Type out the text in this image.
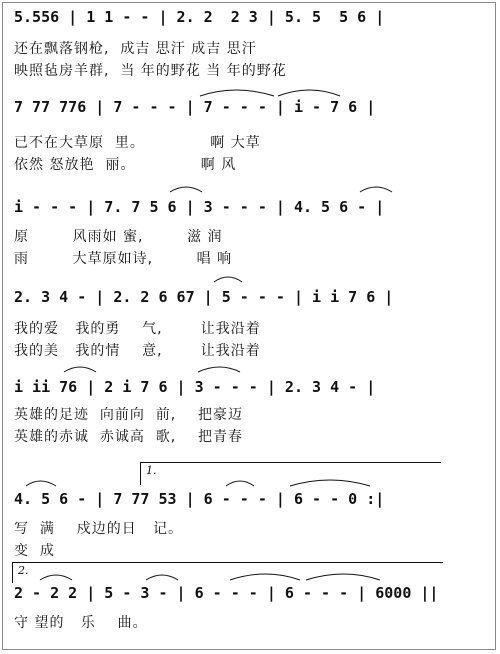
5.556 | 1 1 - - | 2. 2  2 3 | 5. 5  5 6 |
还在飘落钢枪,  成吉 思汗 成吉 思汗
映照毡房羊群,  当 年的野花 当 年的野花
7 77 776 | 7 - - - | 7 - - - | i - 7 6 |
已不在大草原  里。            啊 大草
依然 怒放艳  丽。            啊 风
i - - - | 7. 7 5 6 | 3 - - - | 4. 5 6 - |
原        风雨如 蜜,        滋 润
雨        大草原如诗,        唱 响
2. 3 4 - | 2. 2 6 67 | 5 - - - | i i 7 6 |
我的爱   我的勇    气,       让我沿着
我的美   我的情    意,       让我沿着
i ii 76 | 2 i 7 6 | 3 - - - | 2. 3 4 - |
英雄的足迹  向前向  前,    把豪迈
英雄的赤诚  赤诚高  歌,    把青春
1.
4. 5 6 - | 7 77 53 | 6 - - - | 6 - - 0 :|
写  满    戍边的日   记。
变  成
2.
2 - 2 2 | 5 - 3 - | 6 - - - | 6 - - - | 6000 ||
守 望的   乐    曲。
